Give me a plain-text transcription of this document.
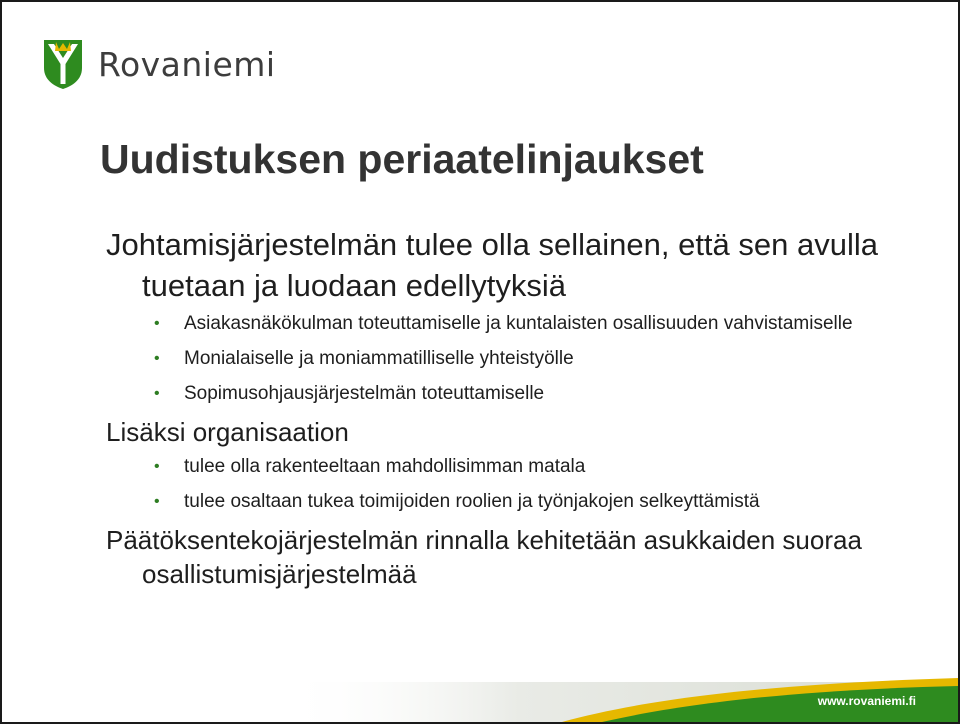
Rovaniemi
Uudistuksen periaatelinjaukset

Johtamisjärjestelmän tulee olla sellainen, että sen avulla tuetaan ja luodaan edellytyksiä

• Asiakasnäkökulman toteuttamiselle ja kuntalaisten osallisuuden vahvistamiselle
• Monialaiselle ja moniammatilliselle yhteistyölle
• Sopimusohjausjärjestelmän toteuttamiselle

Lisäksi organisaation

• tulee olla rakenteeltaan mahdollisimman matala
• tulee osaltaan tukea toimijoiden roolien ja työnjakojen selkeyttämistä

Päätöksentekojärjestelmän rinnalla kehitetään asukkaiden suoraa osallistumisjärjestelmää

www.rovaniemi.fi
